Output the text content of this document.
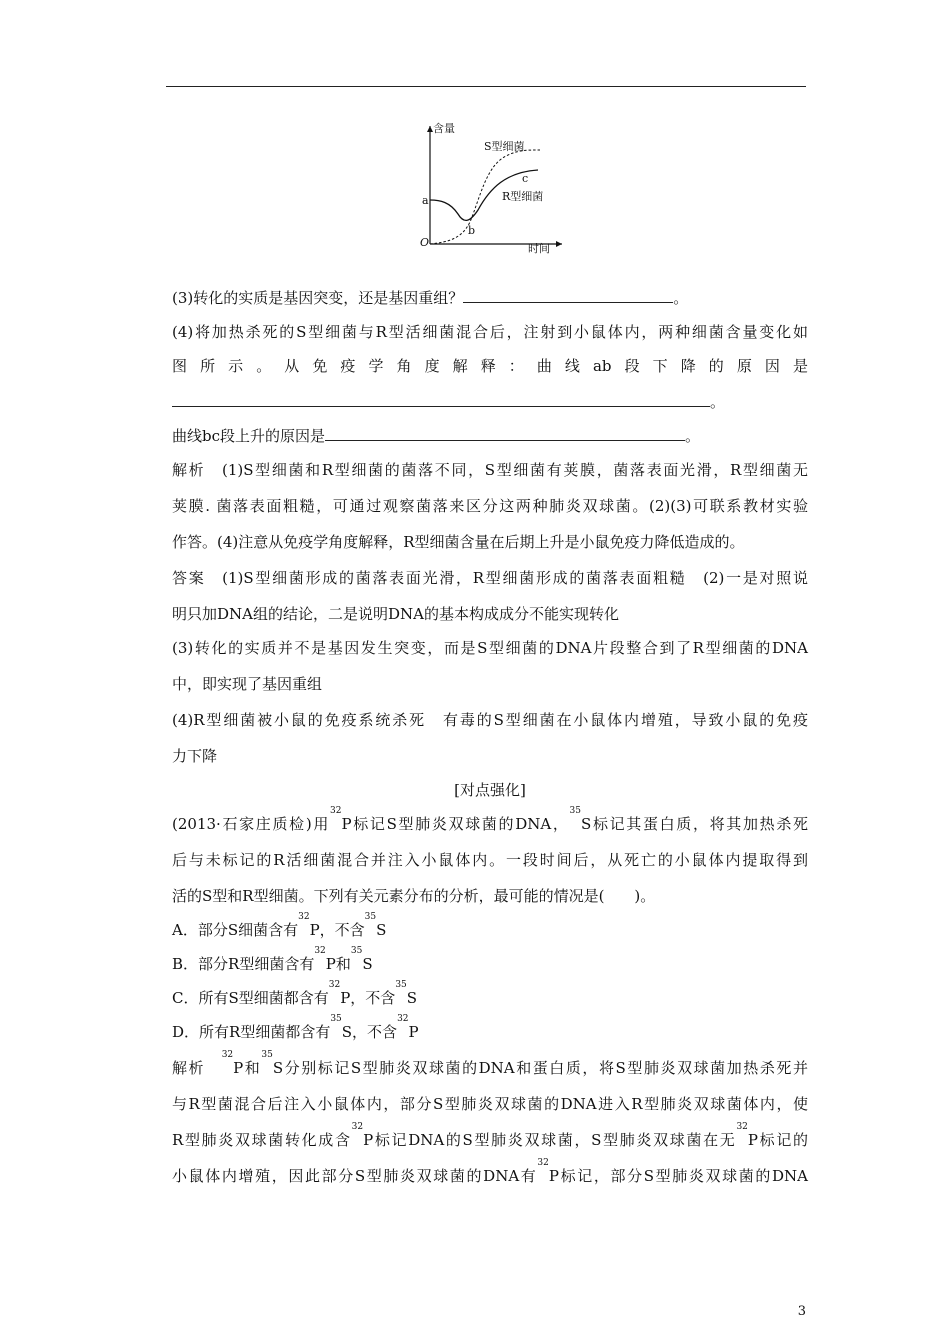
含量
时间
O
a
b
c
S型细菌
R型细菌
(3)转化的实质是基因突变，还是基因重组？	。
(4)将加热杀死的S型细菌与R型活细菌混合后，注射到小鼠体内，两种细菌含量变化如
图所示。从免疫学角度解释：曲线ab段下降的原因是
。
曲线bc段上升的原因是	。
解析　(1)S型细菌和R型细菌的菌落不同，S型细菌有荚膜，菌落表面光滑，R型细菌无
荚膜. 菌落表面粗糙，可通过观察菌落来区分这两种肺炎双球菌。(2)(3)可联系教材实验
作答。(4)注意从免疫学角度解释，R型细菌含量在后期上升是小鼠免疫力降低造成的。
答案　(1)S型细菌形成的菌落表面光滑，R型细菌形成的菌落表面粗糙　(2)一是对照说
明只加DNA组的结论，二是说明DNA的基本构成成分不能实现转化
(3)转化的实质并不是基因发生突变，而是S型细菌的DNA片段整合到了R型细菌的DNA
中，即实现了基因重组
(4)R型细菌被小鼠的免疫系统杀死　有毒的S型细菌在小鼠体内增殖，导致小鼠的免疫
力下降
[对点强化]
(2013·石家庄质检)用$^{32}$P标记S型肺炎双球菌的DNA，$^{35}$S标记其蛋白质，将其加热杀死
后与未标记的R活细菌混合并注入小鼠体内。一段时间后，从死亡的小鼠体内提取得到
活的S型和R型细菌。下列有关元素分布的分析，最可能的情况是(　　)。
A．部分S细菌含有$^{32}$P，不含$^{35}$S
B．部分R型细菌含有$^{32}$P和$^{35}$S
C．所有S型细菌都含有$^{32}$P，不含$^{35}$S
D．所有R型细菌都含有$^{35}$S，不含$^{32}$P
解析　$^{32}$P和$^{35}$S分别标记S型肺炎双球菌的DNA和蛋白质，将S型肺炎双球菌加热杀死并
与R型菌混合后注入小鼠体内，部分S型肺炎双球菌的DNA进入R型肺炎双球菌体内，使
R型肺炎双球菌转化成含$^{32}$P标记DNA的S型肺炎双球菌，S型肺炎双球菌在无$^{32}$P标记的
小鼠体内增殖，因此部分S型肺炎双球菌的DNA有$^{32}$P标记，部分S型肺炎双球菌的DNA
3
